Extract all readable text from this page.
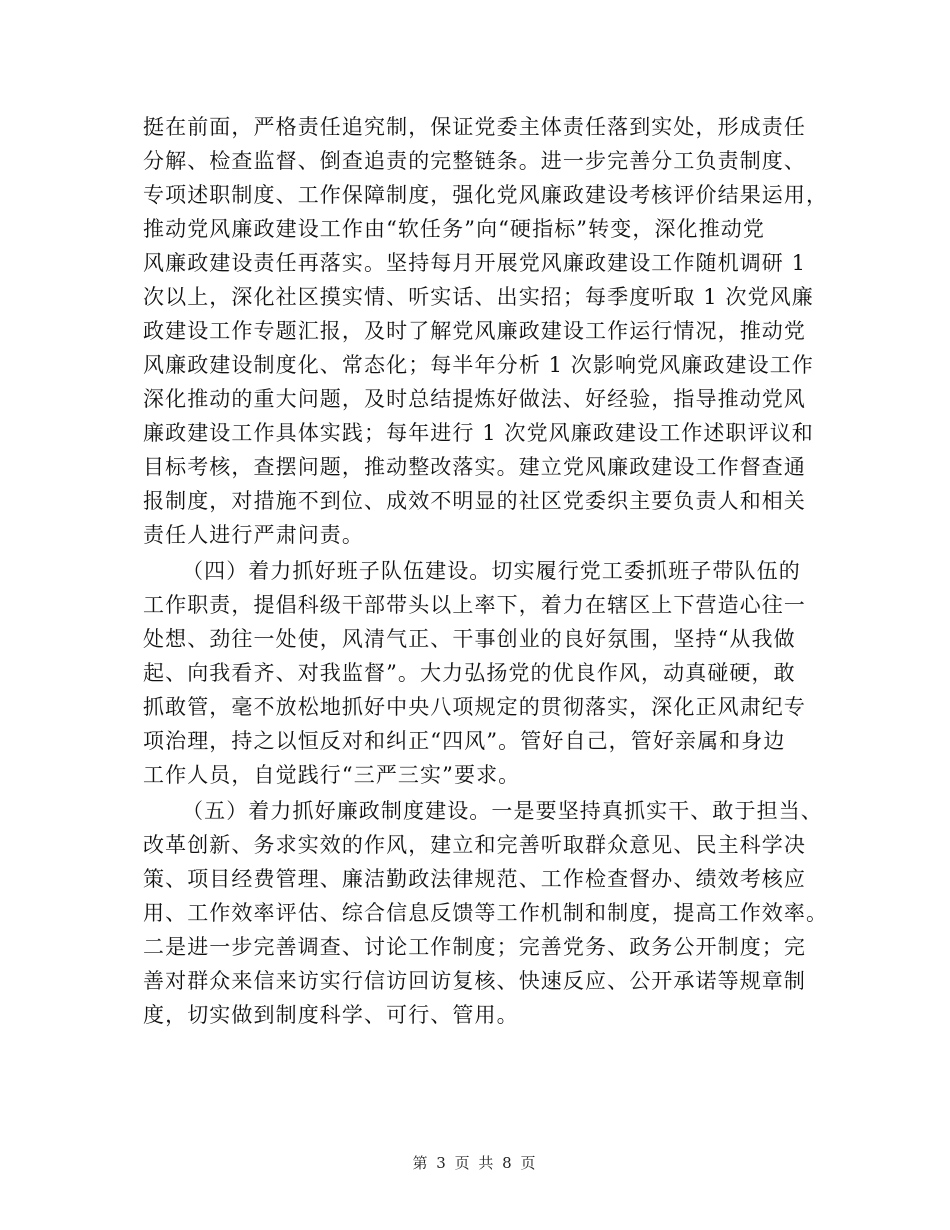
挺在前面，严格责任追究制，保证党委主体责任落到实处，形成责任
分解、检查监督、倒查追责的完整链条。进一步完善分工负责制度、
专项述职制度、工作保障制度，强化党风廉政建设考核评价结果运用，
推动党风廉政建设工作由“软任务”向“硬指标”转变，深化推动党
风廉政建设责任再落实。坚持每月开展党风廉政建设工作随机调研 1
次以上，深化社区摸实情、听实话、出实招；每季度听取 1 次党风廉
政建设工作专题汇报，及时了解党风廉政建设工作运行情况，推动党
风廉政建设制度化、常态化；每半年分析 1 次影响党风廉政建设工作
深化推动的重大问题，及时总结提炼好做法、好经验，指导推动党风
廉政建设工作具体实践；每年进行 1 次党风廉政建设工作述职评议和
目标考核，查摆问题，推动整改落实。建立党风廉政建设工作督查通
报制度，对措施不到位、成效不明显的社区党委织主要负责人和相关
责任人进行严肃问责。
（四）着力抓好班子队伍建设。切实履行党工委抓班子带队伍的
工作职责，提倡科级干部带头以上率下，着力在辖区上下营造心往一
处想、劲往一处使，风清气正、干事创业的良好氛围，坚持“从我做
起、向我看齐、对我监督”。大力弘扬党的优良作风，动真碰硬，敢
抓敢管，毫不放松地抓好中央八项规定的贯彻落实，深化正风肃纪专
项治理，持之以恒反对和纠正“四风”。管好自己，管好亲属和身边
工作人员，自觉践行“三严三实”要求。
（五）着力抓好廉政制度建设。一是要坚持真抓实干、敢于担当、
改革创新、务求实效的作风，建立和完善听取群众意见、民主科学决
策、项目经费管理、廉洁勤政法律规范、工作检查督办、绩效考核应
用、工作效率评估、综合信息反馈等工作机制和制度，提高工作效率。
二是进一步完善调查、讨论工作制度；完善党务、政务公开制度；完
善对群众来信来访实行信访回访复核、快速反应、公开承诺等规章制
度，切实做到制度科学、可行、管用。
第 3 页 共 8 页
